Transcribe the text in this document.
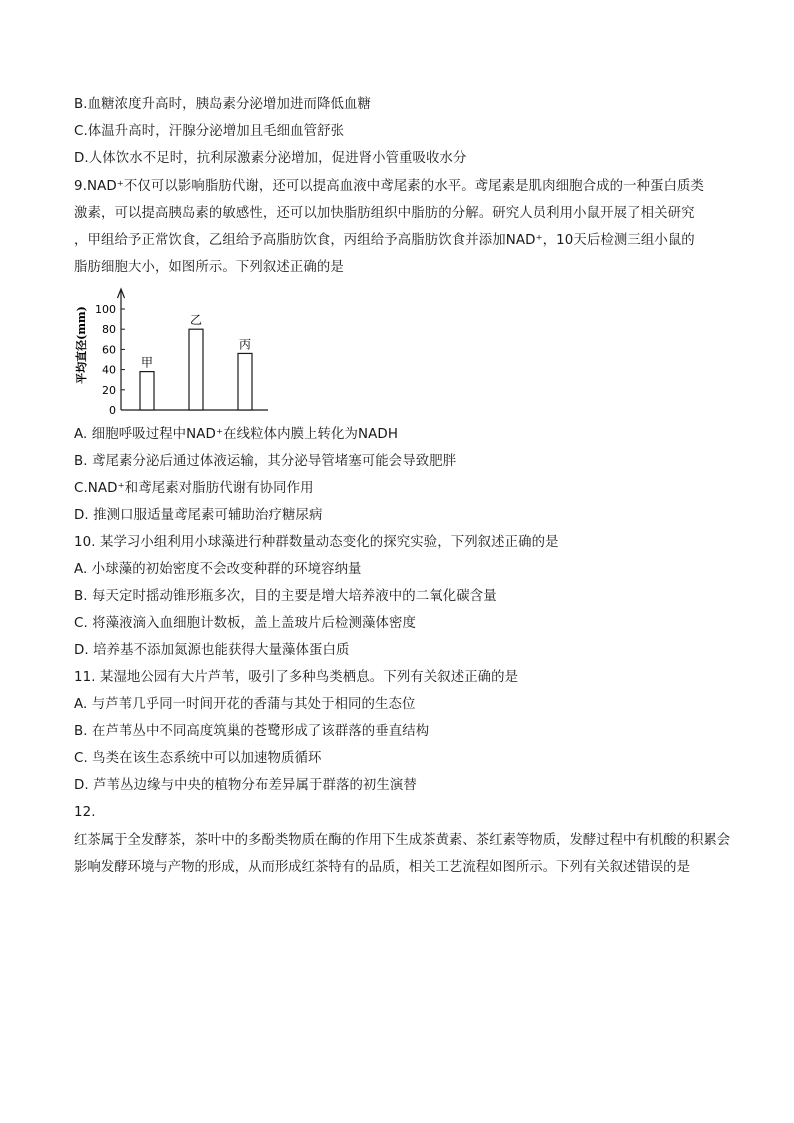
B.血糖浓度升高时，胰岛素分泌增加进而降低血糖
C.体温升高时，汗腺分泌增加且毛细血管舒张
D.人体饮水不足时，抗利尿激素分泌增加，促进肾小管重吸收水分
9.NAD⁺不仅可以影响脂肪代谢，还可以提高血液中鸢尾素的水平。鸢尾素是肌肉细胞合成的一种蛋白质类
激素，可以提高胰岛素的敏感性，还可以加快脂肪组织中脂肪的分解。研究人员利用小鼠开展了相关研究
，甲组给予正常饮食，乙组给予高脂肪饮食，丙组给予高脂肪饮食并添加NAD⁺，10天后检测三组小鼠的
脂肪细胞大小，如图所示。下列叙述正确的是
平均直径(mm)
0
20
40
60
80
100
甲
乙
丙
A. 细胞呼吸过程中NAD⁺在线粒体内膜上转化为NADH
B. 鸢尾素分泌后通过体液运输，其分泌导管堵塞可能会导致肥胖
C.NAD⁺和鸢尾素对脂肪代谢有协同作用
D. 推测口服适量鸢尾素可辅助治疗糖尿病
10. 某学习小组利用小球藻进行种群数量动态变化的探究实验，下列叙述正确的是
A. 小球藻的初始密度不会改变种群的环境容纳量
B. 每天定时摇动锥形瓶多次，目的主要是增大培养液中的二氧化碳含量
C. 将藻液滴入血细胞计数板，盖上盖玻片后检测藻体密度
D. 培养基不添加氮源也能获得大量藻体蛋白质
11. 某湿地公园有大片芦苇，吸引了多种鸟类栖息。下列有关叙述正确的是
A. 与芦苇几乎同一时间开花的香蒲与其处于相同的生态位
B. 在芦苇丛中不同高度筑巢的苍鹭形成了该群落的垂直结构
C. 鸟类在该生态系统中可以加速物质循环
D. 芦苇丛边缘与中央的植物分布差异属于群落的初生演替
12.
红茶属于全发酵茶，茶叶中的多酚类物质在酶的作用下生成茶黄素、茶红素等物质，发酵过程中有机酸的积累会影响发酵环境与产物的形成，从而形成红茶特有的品质，相关工艺流程如图所示。下列有关叙述错误的是
